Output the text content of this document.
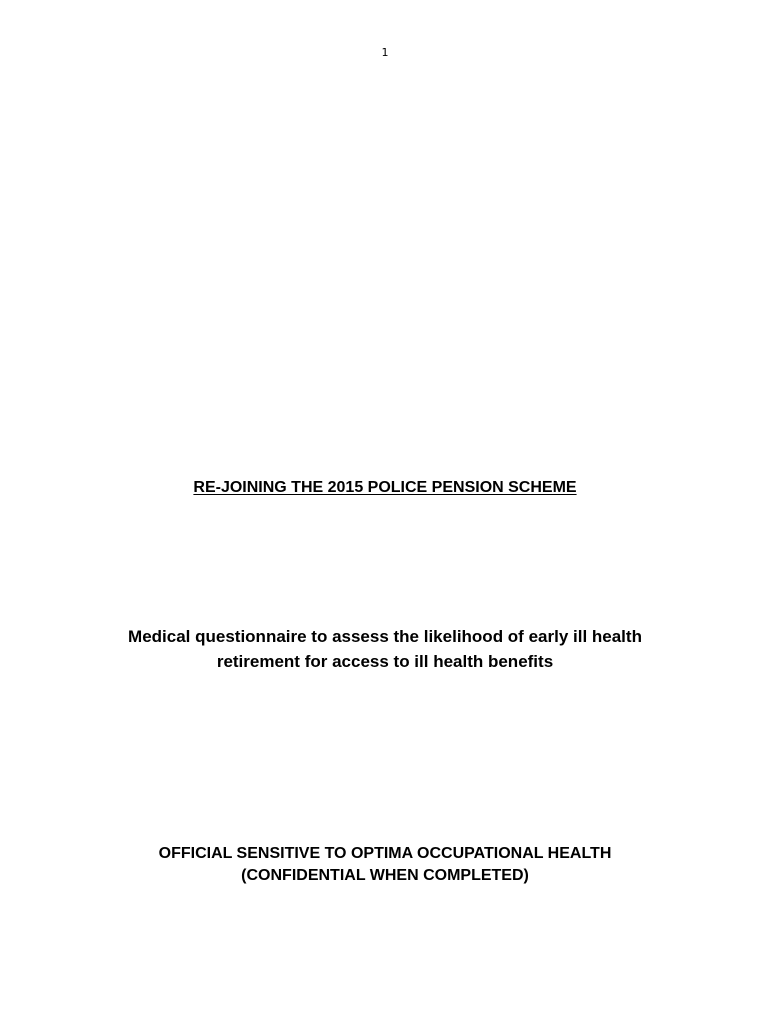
1
RE-JOINING THE 2015 POLICE PENSION SCHEME
Medical questionnaire to assess the likelihood of early ill health
retirement for access to ill health benefits
OFFICIAL SENSITIVE TO OPTIMA OCCUPATIONAL HEALTH
(CONFIDENTIAL WHEN COMPLETED)
